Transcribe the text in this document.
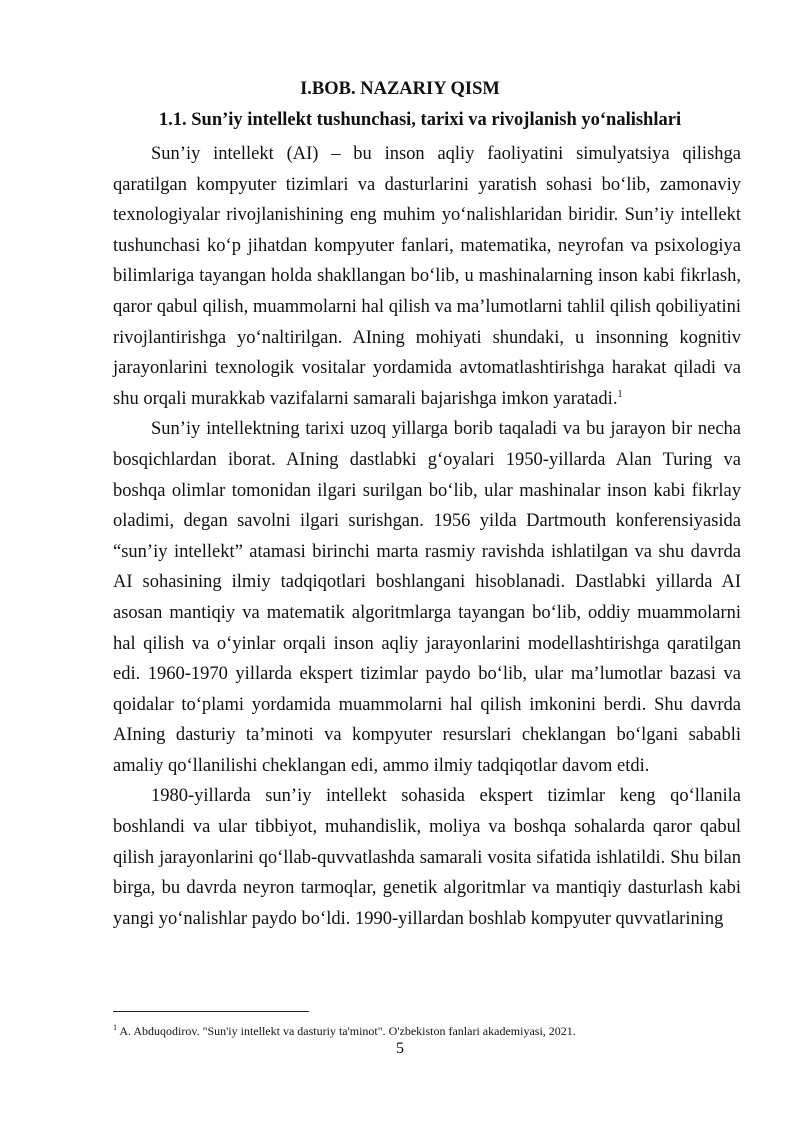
I.BOB. NAZARIY QISM
1.1. Sun’iy intellekt tushunchasi, tarixi va rivojlanish yo‘nalishlari

Sun’iy intellekt (AI) – bu inson aqliy faoliyatini simulyatsiya qilishga qaratilgan kompyuter tizimlari va dasturlarini yaratish sohasi bo‘lib, zamonaviy texnologiyalar rivojlanishining eng muhim yo‘nalishlaridan biridir. Sun’iy intellekt tushunchasi ko‘p jihatdan kompyuter fanlari, matematika, neyrofan va psixologiya bilimlariga tayangan holda shakllangan bo‘lib, u mashinalarning inson kabi fikrlash, qaror qabul qilish, muammolarni hal qilish va ma’lumotlarni tahlil qilish qobiliyatini rivojlantirishga yo‘naltirilgan. AIning mohiyati shundaki, u insonning kognitiv jarayonlarini texnologik vositalar yordamida avtomatlashtirishga harakat qiladi va shu orqali murakkab vazifalarni samarali bajarishga imkon yaratadi.$^1$

Sun’iy intellektning tarixi uzoq yillarga borib taqaladi va bu jarayon bir necha bosqichlardan iborat. AIning dastlabki g‘oyalari 1950-yillarda Alan Turing va boshqa olimlar tomonidan ilgari surilgan bo‘lib, ular mashinalar inson kabi fikrlay oladimi, degan savolni ilgari surishgan. 1956 yilda Dartmouth konferensiyasida “sun’iy intellekt” atamasi birinchi marta rasmiy ravishda ishlatilgan va shu davrda AI sohasining ilmiy tadqiqotlari boshlangani hisoblanadi. Dastlabki yillarda AI asosan mantiqiy va matematik algoritmlarga tayangan bo‘lib, oddiy muammolarni hal qilish va o‘yinlar orqali inson aqliy jarayonlarini modellashtirishga qaratilgan edi. 1960-1970 yillarda ekspert tizimlar paydo bo‘lib, ular ma’lumotlar bazasi va qoidalar to‘plami yordamida muammolarni hal qilish imkonini berdi. Shu davrda AIning dasturiy ta’minoti va kompyuter resurslari cheklangan bo‘lgani sababli amaliy qo‘llanilishi cheklangan edi, ammo ilmiy tadqiqotlar davom etdi.

1980-yillarda sun’iy intellekt sohasida ekspert tizimlar keng qo‘llanila boshlandi va ular tibbiyot, muhandislik, moliya va boshqa sohalarda qaror qabul qilish jarayonlarini qo‘llab-quvvatlashda samarali vosita sifatida ishlatildi. Shu bilan birga, bu davrda neyron tarmoqlar, genetik algoritmlar va mantiqiy dasturlash kabi yangi yo‘nalishlar paydo bo‘ldi. 1990-yillardan boshlab kompyuter quvvatlarining

$^1$ A. Abduqodirov. "Sun'iy intellekt va dasturiy ta'minot". O'zbekiston fanlari akademiyasi, 2021.

5
